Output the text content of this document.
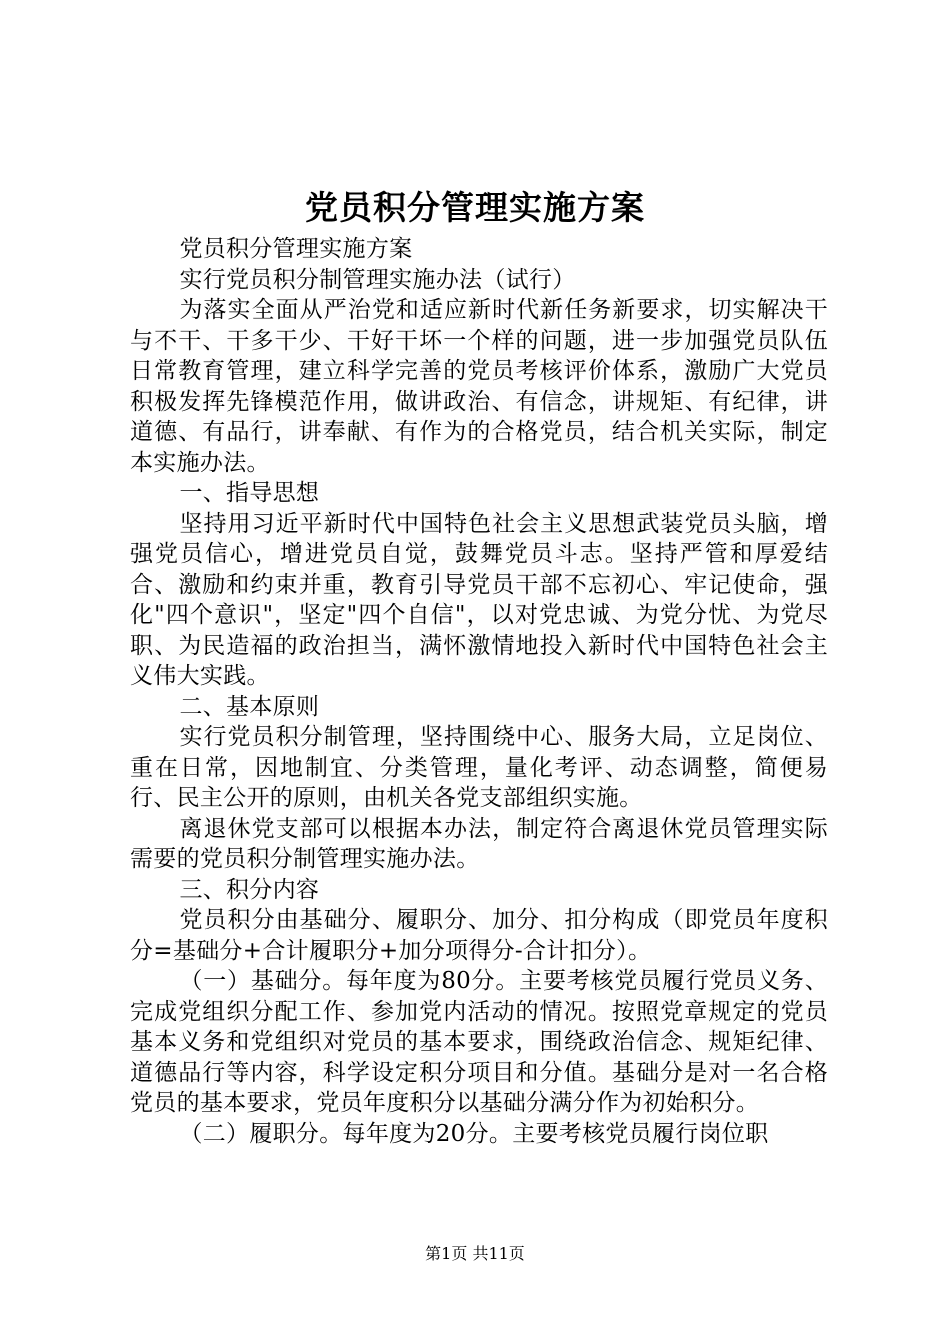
党员积分管理实施方案

党员积分管理实施方案

实行党员积分制管理实施办法（试行）

为落实全面从严治党和适应新时代新任务新要求，切实解决干与不干、干多干少、干好干坏一个样的问题，进一步加强党员队伍日常教育管理，建立科学完善的党员考核评价体系，激励广大党员积极发挥先锋模范作用，做讲政治、有信念，讲规矩、有纪律，讲道德、有品行，讲奉献、有作为的合格党员，结合机关实际，制定本实施办法。

一、指导思想

坚持用习近平新时代中国特色社会主义思想武装党员头脑，增强党员信心，增进党员自觉，鼓舞党员斗志。坚持严管和厚爱结合、激励和约束并重，教育引导党员干部不忘初心、牢记使命，强化"四个意识"，坚定"四个自信"，以对党忠诚、为党分忧、为党尽职、为民造福的政治担当，满怀激情地投入新时代中国特色社会主义伟大实践。

二、基本原则

实行党员积分制管理，坚持围绕中心、服务大局，立足岗位、重在日常，因地制宜、分类管理，量化考评、动态调整，简便易行、民主公开的原则，由机关各党支部组织实施。

离退休党支部可以根据本办法，制定符合离退休党员管理实际需要的党员积分制管理实施办法。

三、积分内容

党员积分由基础分、履职分、加分、扣分构成（即党员年度积分=基础分+合计履职分+加分项得分-合计扣分）。

（一）基础分。每年度为80分。主要考核党员履行党员义务、完成党组织分配工作、参加党内活动的情况。按照党章规定的党员基本义务和党组织对党员的基本要求，围绕政治信念、规矩纪律、道德品行等内容，科学设定积分项目和分值。基础分是对一名合格党员的基本要求，党员年度积分以基础分满分作为初始积分。

（二）履职分。每年度为20分。主要考核党员履行岗位职

第1页 共11页
